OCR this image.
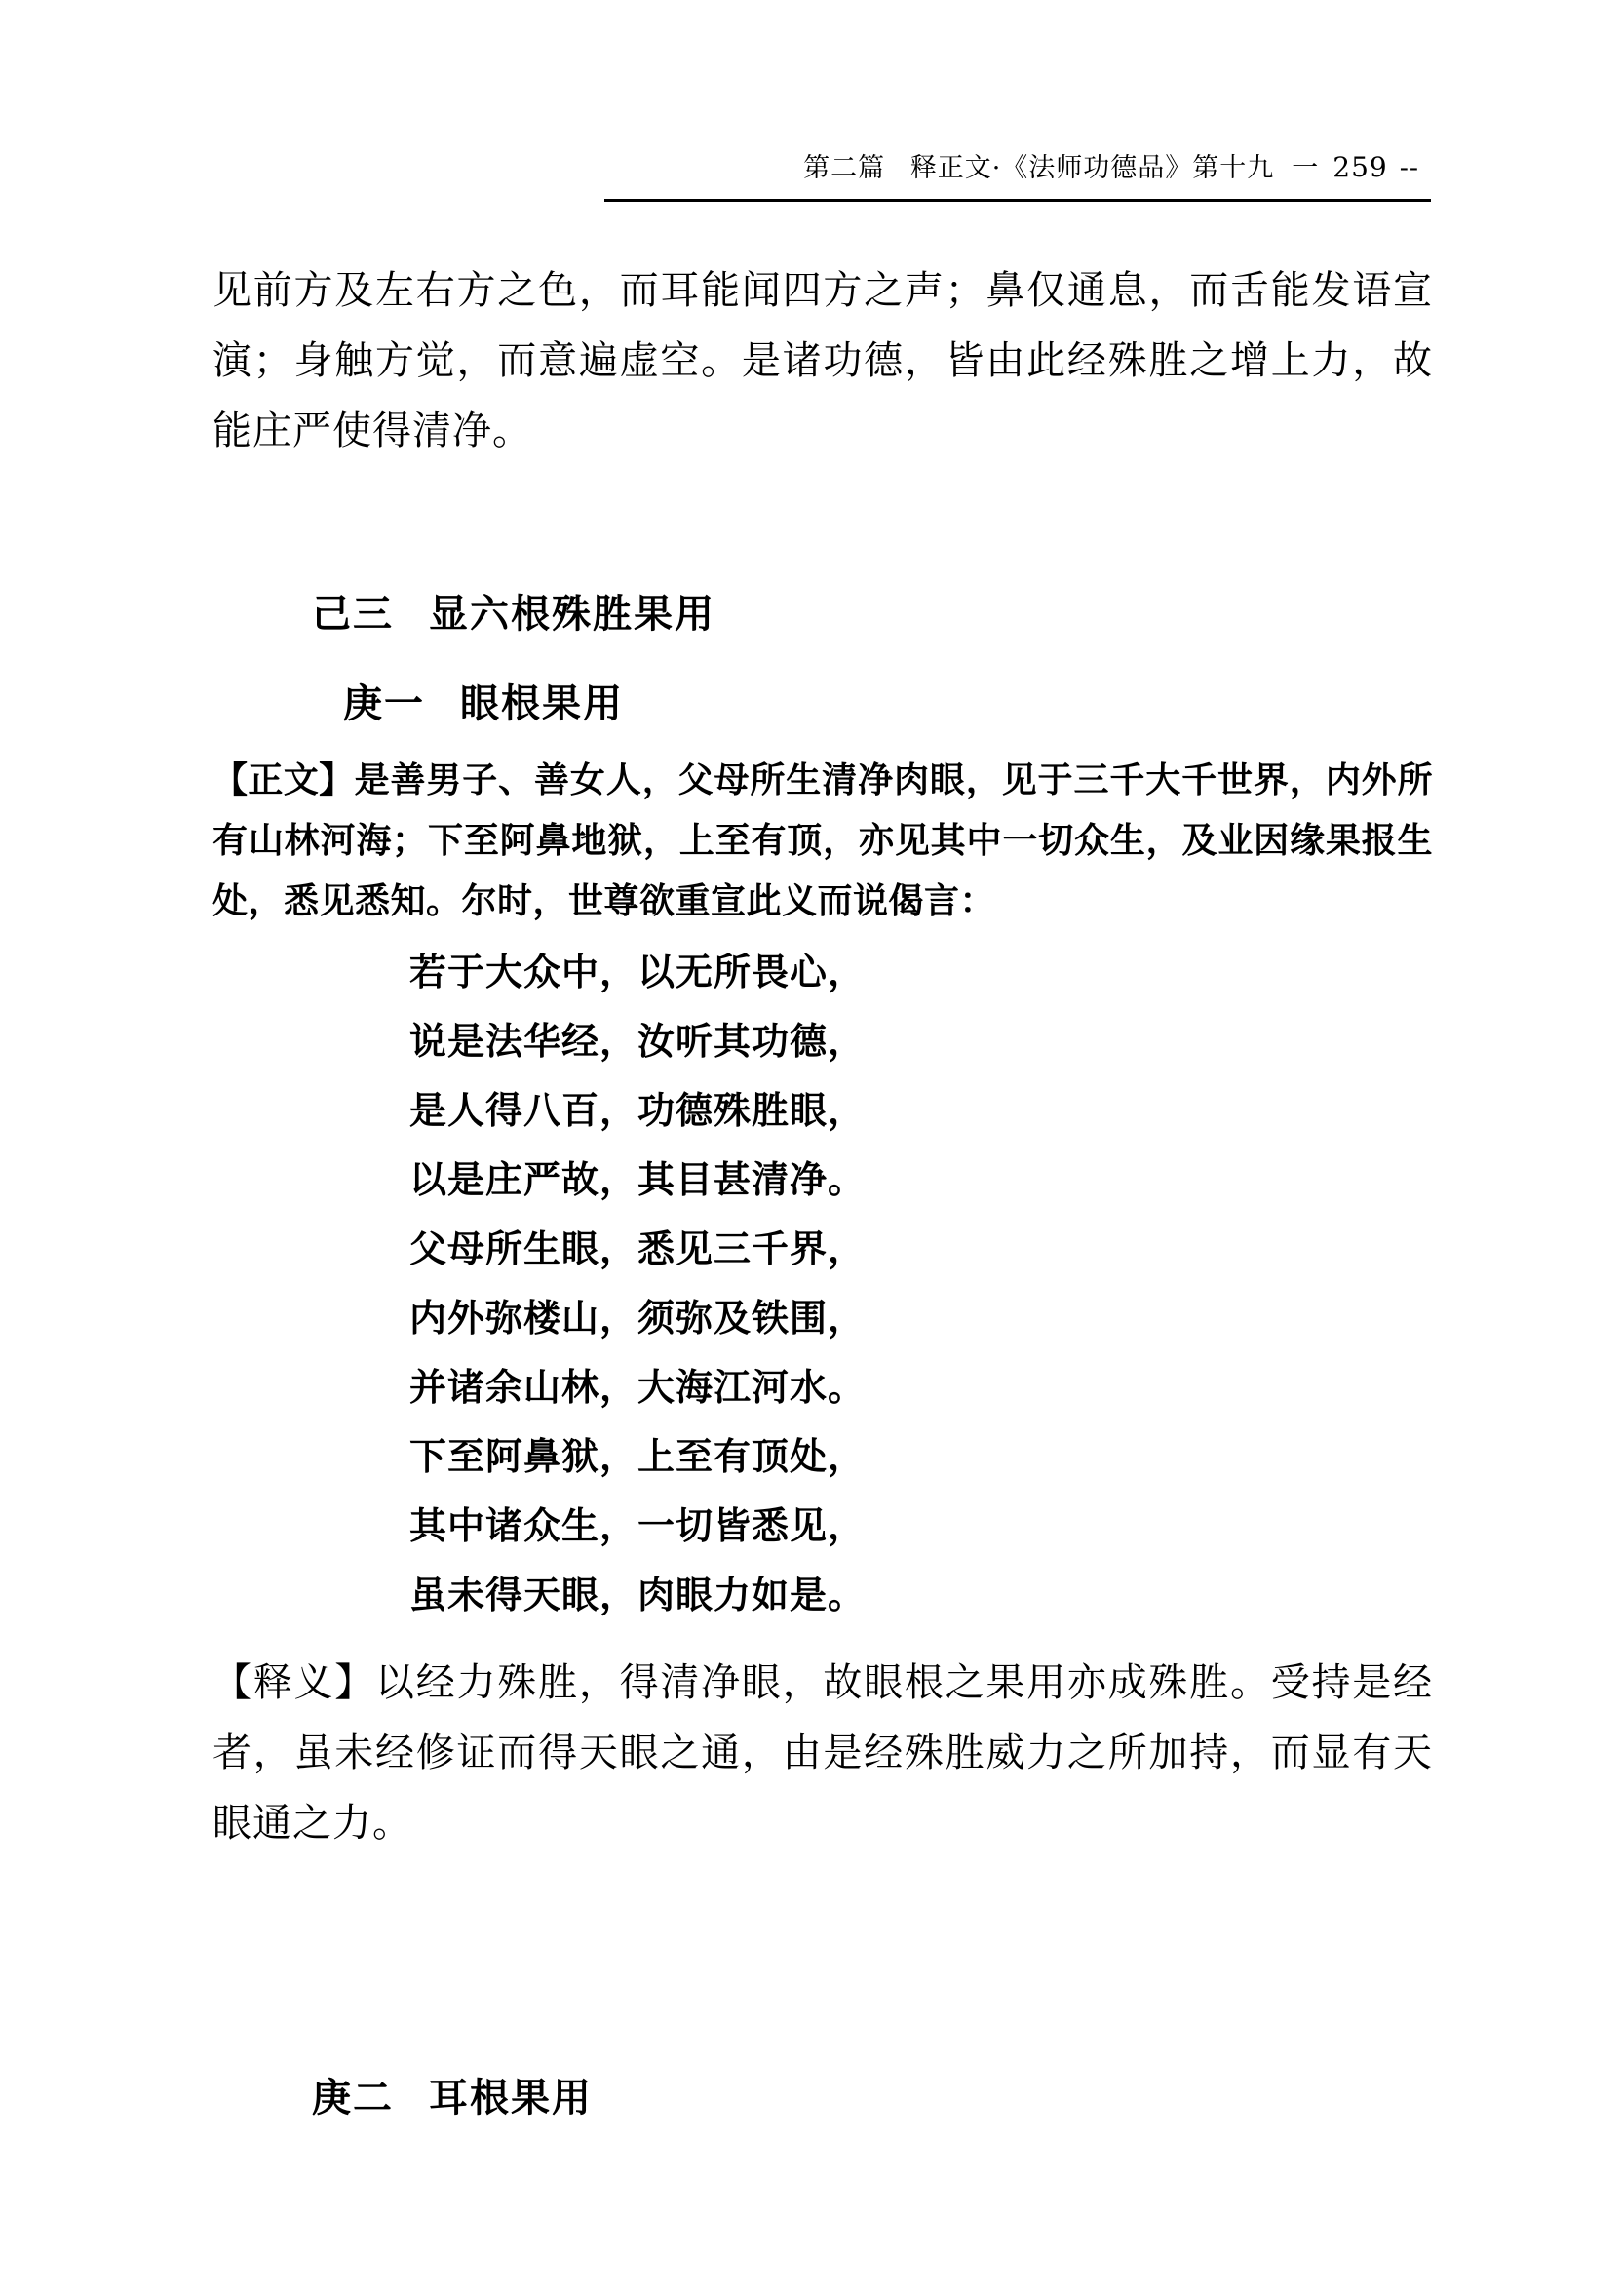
第二篇
释正文 · 《法师功德品》第十九 一 259 --
见前方及左右方之色，而耳能闻四方之声；鼻仅通息，而舌能发语宣演；身触方觉，而意遍虚空。是诸功德，皆由此经殊胜之增上力，故能庄严使得清净。
己三 显六根殊胜果用
庚一 眼根果用
【正文】是善男子、善女人，父母所生清净肉眼，见于三千大千世界，内外所有山林河海；下至阿鼻地狱，上至有顶，亦见其中一切众生，及业因缘果报生处，悉见悉知。尔时，世尊欲重宣此义而说偈言：
若于大众中，以无所畏心，
说是法华经，汝听其功德，
是人得八百，功德殊胜眼，
以是庄严故，其目甚清净。
父母所生眼，悉见三千界，
内外弥楼山，须弥及铁围，
并诸余山林，大海江河水。
下至阿鼻狱，上至有顶处，
其中诸众生，一切皆悉见，
虽未得天眼，肉眼力如是。
【释义】以经力殊胜，得清净眼，故眼根之果用亦成殊胜。受持是经者，虽未经修证而得天眼之通，由是经殊胜威力之所加持，而显有天眼通之力。
庚二 耳根果用
